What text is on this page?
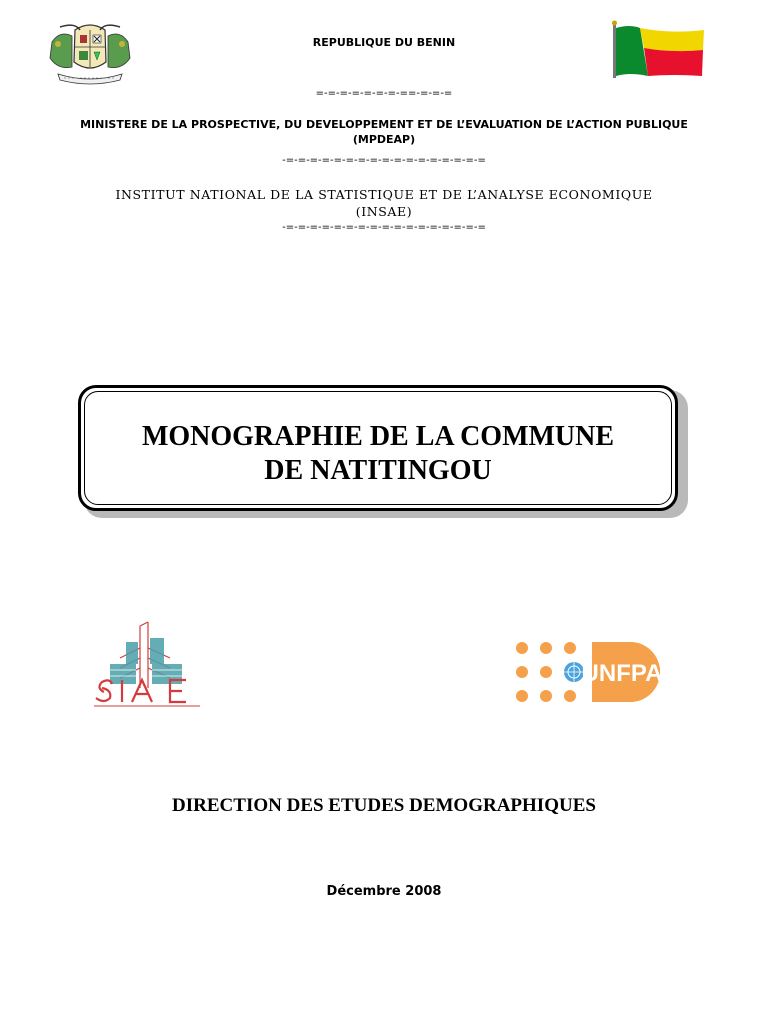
REPUBLIQUE DU BENIN
=-=-=-=-=-=-=-==-=-=-=
MINISTERE DE LA PROSPECTIVE, DU DEVELOPPEMENT ET DE L’EVALUATION DE L’ACTION PUBLIQUE
(MPDEAP)
-=-=-=-=-=-=-=-=-=-=-=-=-=-=-=-=-=
INSTITUT NATIONAL DE LA STATISTIQUE ET DE L’ANALYSE ECONOMIQUE
(INSAE)
-=-=-=-=-=-=-=-=-=-=-=-=-=-=-=-=-=
MONOGRAPHIE DE LA COMMUNE
DE NATITINGOU
UNFPA
DIRECTION DES ETUDES DEMOGRAPHIQUES
Décembre 2008
